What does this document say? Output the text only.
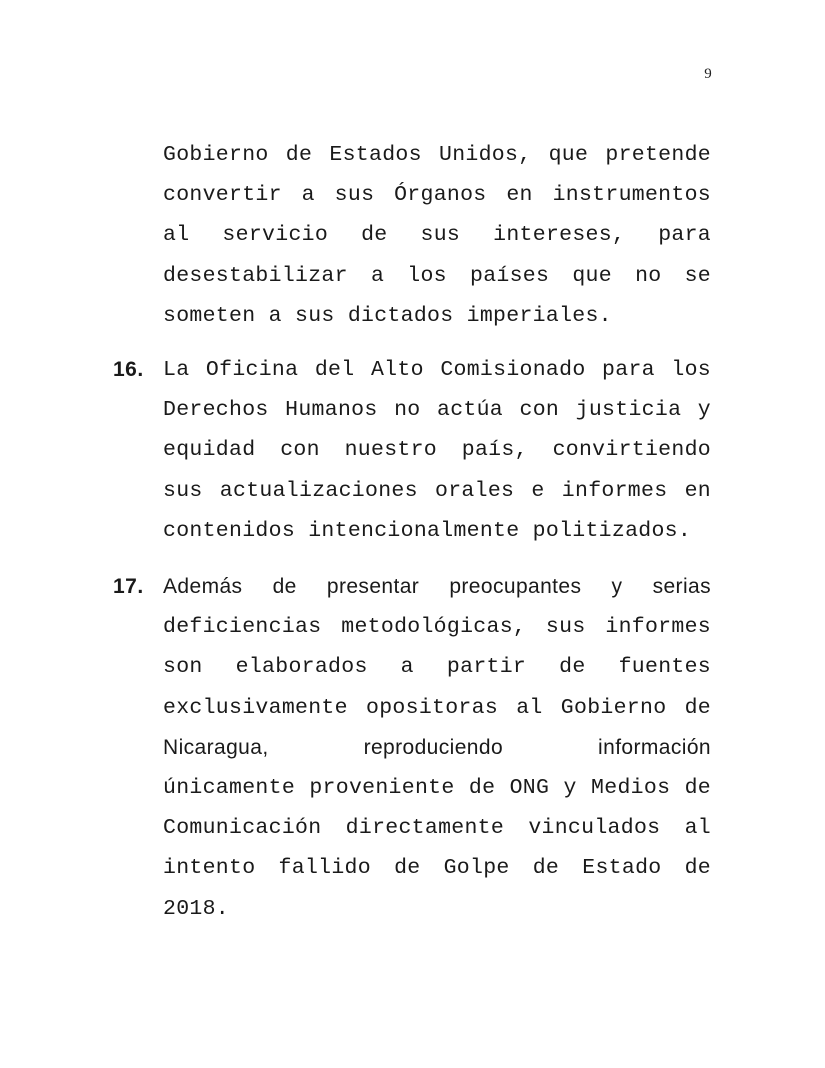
9
Gobierno de Estados Unidos, que pretende
convertir a sus Órganos en instrumentos
al servicio de sus intereses, para
desestabilizar a los países que no se
someten a sus dictados imperiales.
16. La Oficina del Alto Comisionado para los
Derechos Humanos no actúa con justicia y
equidad con nuestro país, convirtiendo
sus actualizaciones orales e informes en
contenidos intencionalmente politizados.
17. Además de presentar preocupantes y serias
deficiencias metodológicas, sus informes
son elaborados a partir de fuentes
exclusivamente opositoras al Gobierno de
Nicaragua, reproduciendo información
únicamente proveniente de ONG y Medios de
Comunicación directamente vinculados al
intento fallido de Golpe de Estado de
2018.
